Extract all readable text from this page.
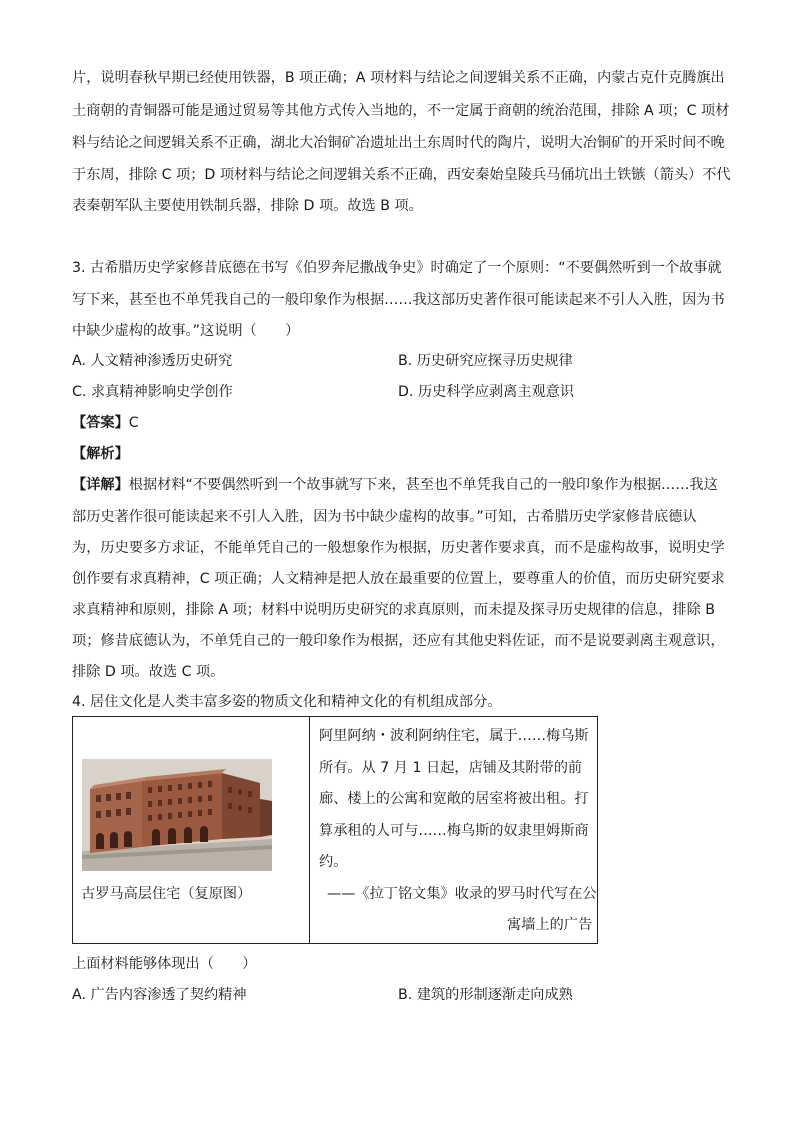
片，说明春秋早期已经使用铁器，B 项正确；A 项材料与结论之间逻辑关系不正确，内蒙古克什克腾旗出
土商朝的青铜器可能是通过贸易等其他方式传入当地的，不一定属于商朝的统治范围，排除 A 项；C 项材
料与结论之间逻辑关系不正确，湖北大冶铜矿冶遗址出土东周时代的陶片，说明大冶铜矿的开采时间不晚
于东周，排除 C 项；D 项材料与结论之间逻辑关系不正确，西安秦始皇陵兵马俑坑出土铁镞（箭头）不代
表秦朝军队主要使用铁制兵器，排除 D 项。故选 B 项。
3. 古希腊历史学家修昔底德在书写《伯罗奔尼撒战争史》时确定了一个原则：“不要偶然听到一个故事就
写下来，甚至也不单凭我自己的一般印象作为根据……我这部历史著作很可能读起来不引人入胜，因为书
中缺少虚构的故事。”这说明（　　）
A. 人文精神渗透历史研究	B. 历史研究应探寻历史规律
C. 求真精神影响史学创作	D. 历史科学应剥离主观意识
【答案】C
【解析】
【详解】根据材料“不要偶然听到一个故事就写下来，甚至也不单凭我自己的一般印象作为根据……我这
部历史著作很可能读起来不引人入胜，因为书中缺少虚构的故事。”可知，古希腊历史学家修昔底德认
为，历史要多方求证，不能单凭自己的一般想象作为根据，历史著作要求真，而不是虚构故事，说明史学
创作要有求真精神，C 项正确；人文精神是把人放在最重要的位置上，要尊重人的价值，而历史研究要求
求真精神和原则，排除 A 项；材料中说明历史研究的求真原则，而未提及探寻历史规律的信息，排除 B
项；修昔底德认为，不单凭自己的一般印象作为根据，还应有其他史料佐证，而不是说要剥离主观意识，
排除 D 项。故选 C 项。
4. 居住文化是人类丰富多姿的物质文化和精神文化的有机组成部分。
古罗马高层住宅（复原图）
阿里阿纳・波利阿纳住宅，属于……梅乌斯
所有。从 7 月 1 日起，店铺及其附带的前
廊、楼上的公寓和宽敞的居室将被出租。打
算承租的人可与……梅乌斯的奴隶里姆斯商
约。
——《拉丁铭文集》收录的罗马时代写在公
寓墙上的广告
上面材料能够体现出（　　）
A. 广告内容渗透了契约精神	B. 建筑的形制逐渐走向成熟
